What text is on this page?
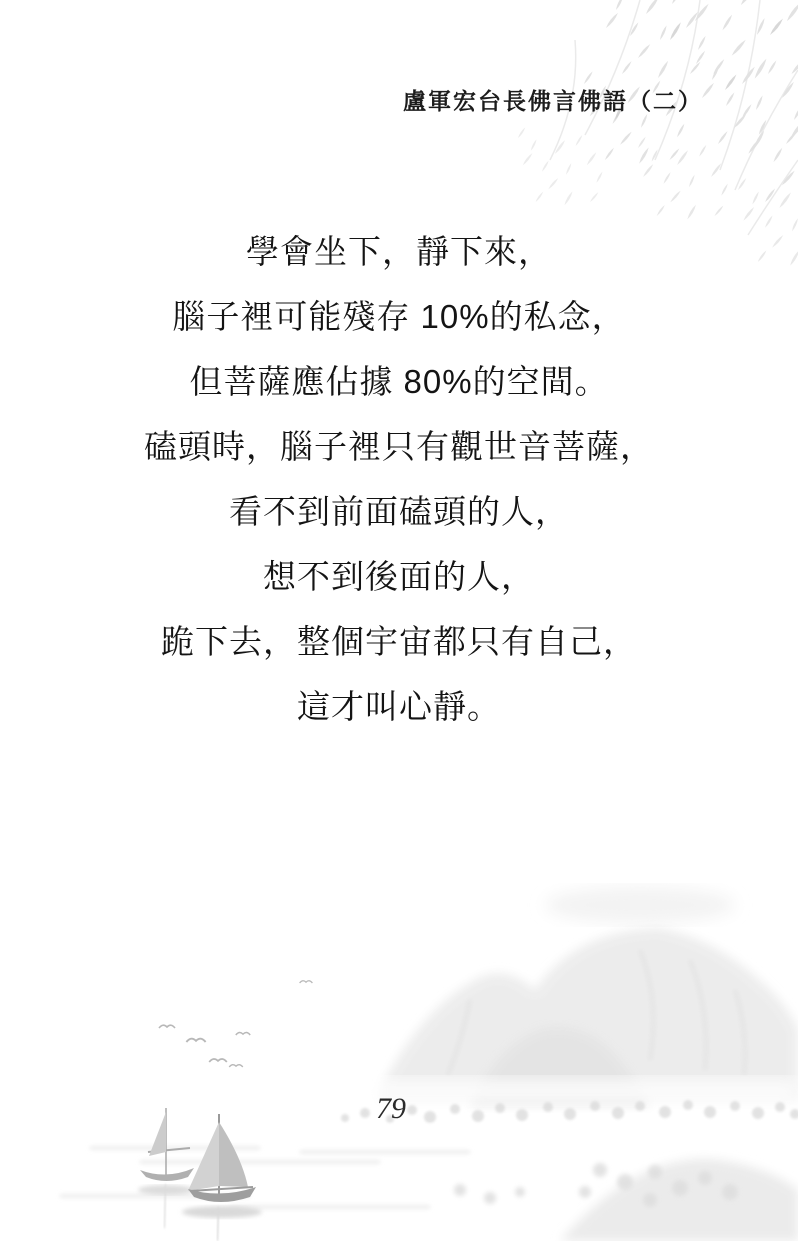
盧軍宏台長佛言佛語（二）
學會坐下，靜下來，
腦子裡可能殘存 10%的私念，
但菩薩應佔據 80%的空間。
磕頭時，腦子裡只有觀世音菩薩，
看不到前面磕頭的人，
想不到後面的人，
跪下去，整個宇宙都只有自己，
這才叫心靜。
79
